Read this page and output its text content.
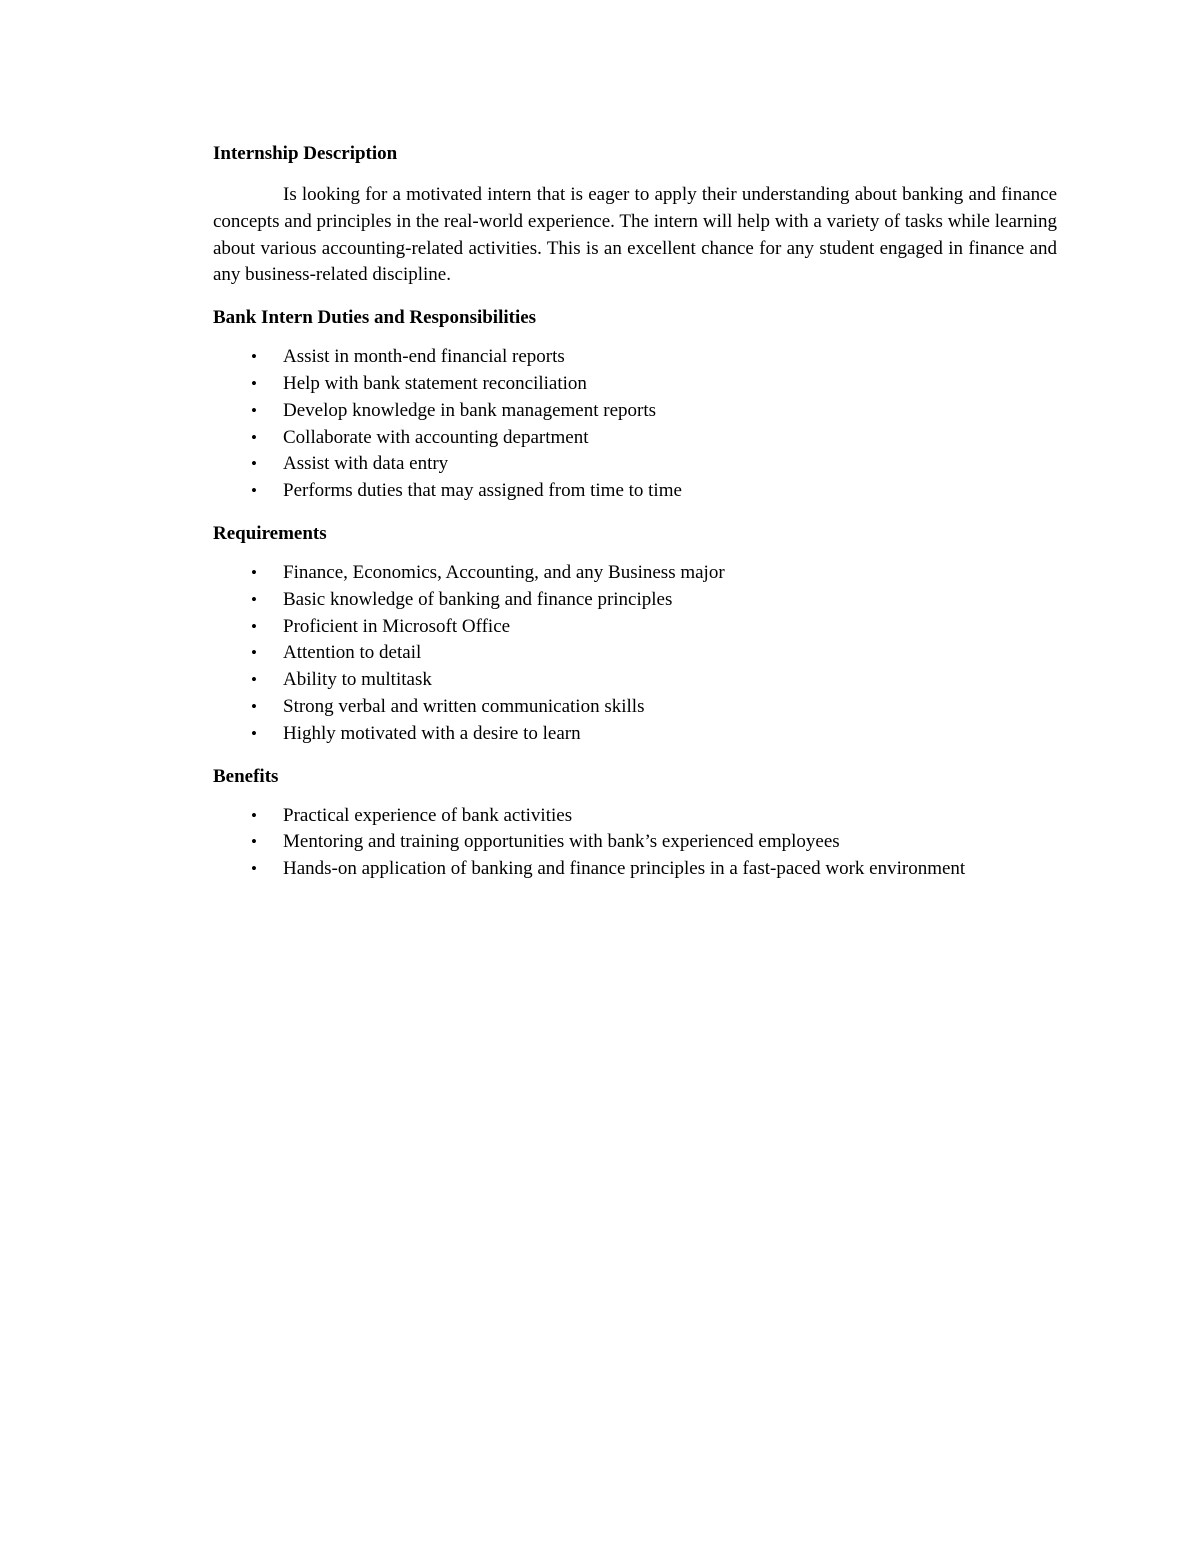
Internship Description

Is looking for a motivated intern that is eager to apply their understanding about banking and finance concepts and principles in the real-world experience. The intern will help with a variety of tasks while learning about various accounting-related activities. This is an excellent chance for any student engaged in finance and any business-related discipline.

Bank Intern Duties and Responsibilities
• Assist in month-end financial reports
• Help with bank statement reconciliation
• Develop knowledge in bank management reports
• Collaborate with accounting department
• Assist with data entry
• Performs duties that may assigned from time to time
Requirements
• Finance, Economics, Accounting, and any Business major
• Basic knowledge of banking and finance principles
• Proficient in Microsoft Office
• Attention to detail
• Ability to multitask
• Strong verbal and written communication skills
• Highly motivated with a desire to learn
Benefits
• Practical experience of bank activities
• Mentoring and training opportunities with bank’s experienced employees
• Hands-on application of banking and finance principles in a fast-paced work environment
